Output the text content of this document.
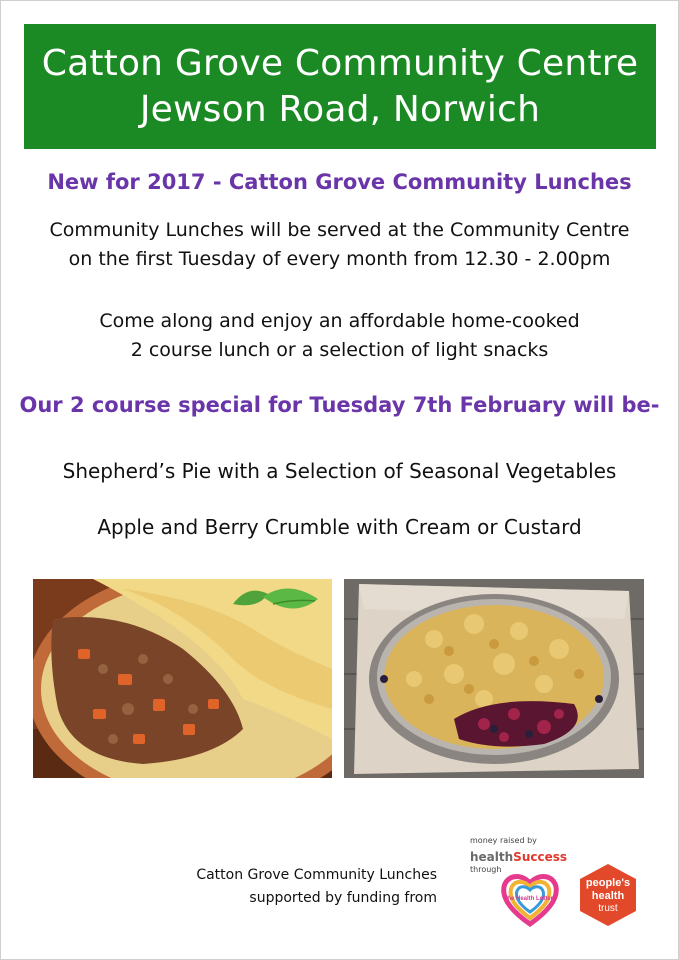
Catton Grove Community Centre
Jewson Road, Norwich
New for 2017 - Catton Grove Community Lunches
Community Lunches will be served at the Community Centre
on the first Tuesday of every month from 12.30 - 2.00pm
Come along and enjoy an affordable home-cooked
2 course lunch or a selection of light snacks
Our 2 course special for Tuesday 7th February will be-
Shepherd’s Pie with a Selection of Seasonal Vegetables
Apple and Berry Crumble with Cream or Custard
Catton Grove Community Lunches
supported by funding from
money raised by
healthSuccess
through
The Health Lottery
people's
health
trust
